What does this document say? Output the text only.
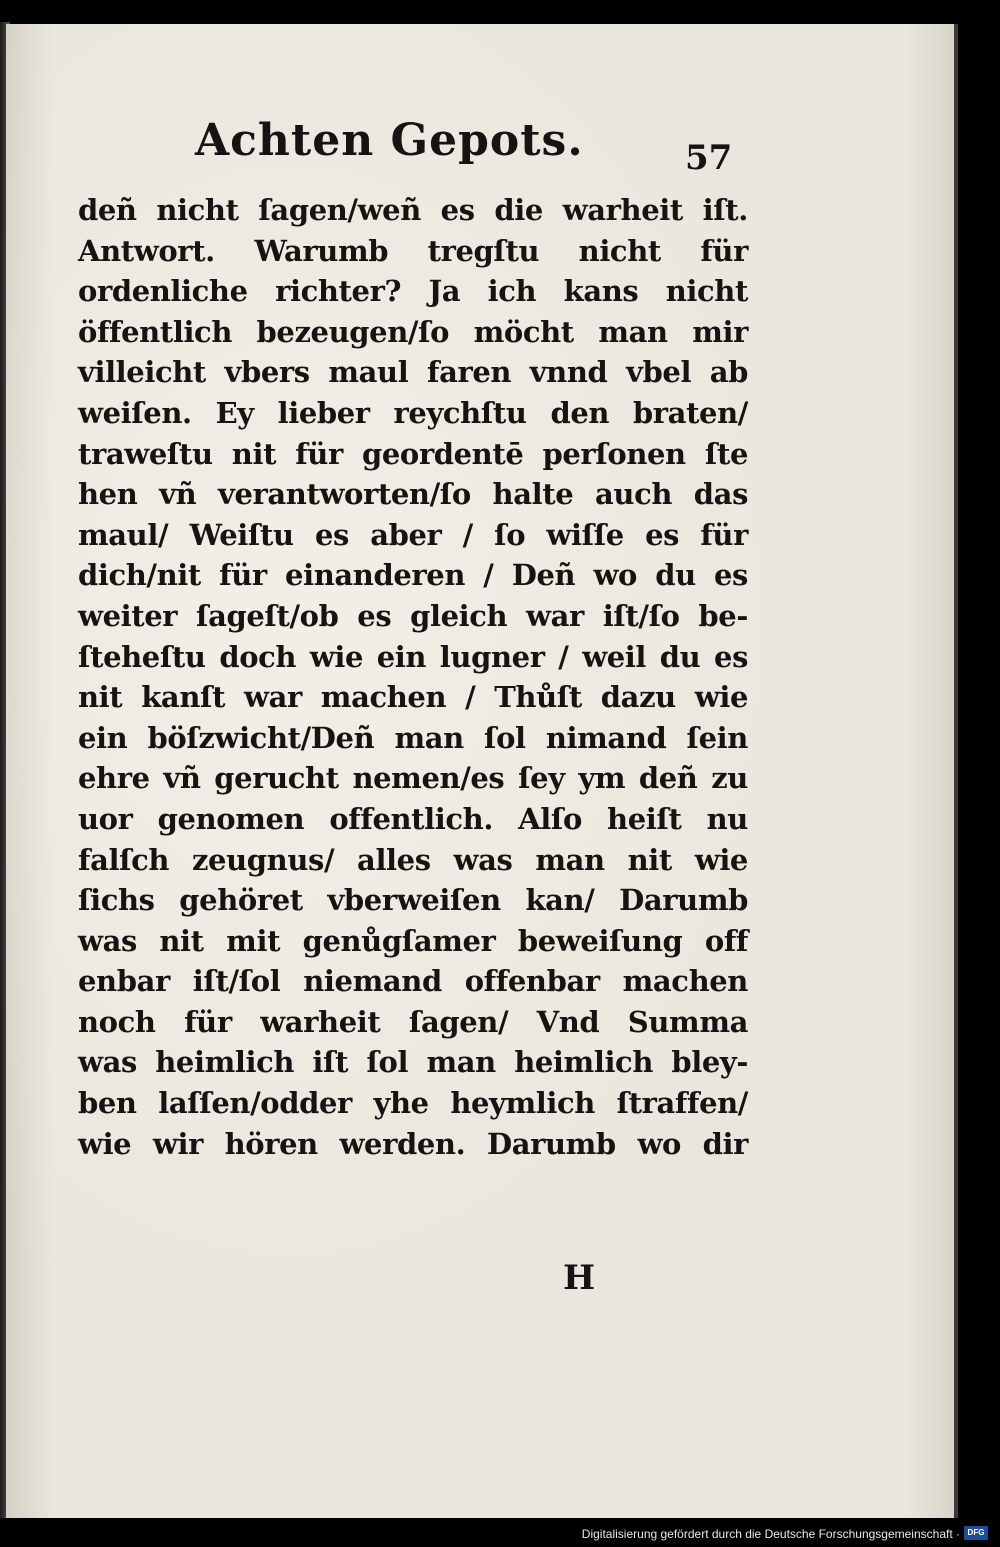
Achten Gepots.	57
deñ nicht ſagen/weñ es die warheit iſt.
Antwort. Warumb tregſtu nicht für
ordenliche richter? Ja ich kans nicht
öffentlich bezeugen/ſo möcht man mir
villeicht vbers maul faren vnnd vbel ab
weiſen. Ey lieber reychſtu den braten/
traweſtu nit für geordentē perſonen ſte
hen vñ verantworten/ſo halte auch das
maul/ Weiſtu es aber / ſo wiſſe es für
dich/nit für einanderen / Deñ wo du es
weiter ſageſt/ob es gleich war iſt/ſo be-
ſteheſtu doch wie ein lugner / weil du es
nit kanſt war machen / Thůſt dazu wie
ein böſzwicht/Deñ man ſol nimand ſein
ehre vñ gerucht nemen/es ſey ym deñ zu
uor genomen offentlich. Alſo heiſt nu
falſch zeugnus/ alles was man nit wie
ſichs gehöret vberweiſen kan/ Darumb
was nit mit genůgſamer beweiſung off
enbar iſt/ſol niemand offenbar machen
noch für warheit ſagen/ Vnd Summa
was heimlich iſt ſol man heimlich bley-
ben laſſen/odder yhe heymlich ſtraffen/
wie wir hören werden. Darumb wo dir
H
Digitalisierung gefördert durch die Deutsche Forschungsgemeinschaft · DFG
